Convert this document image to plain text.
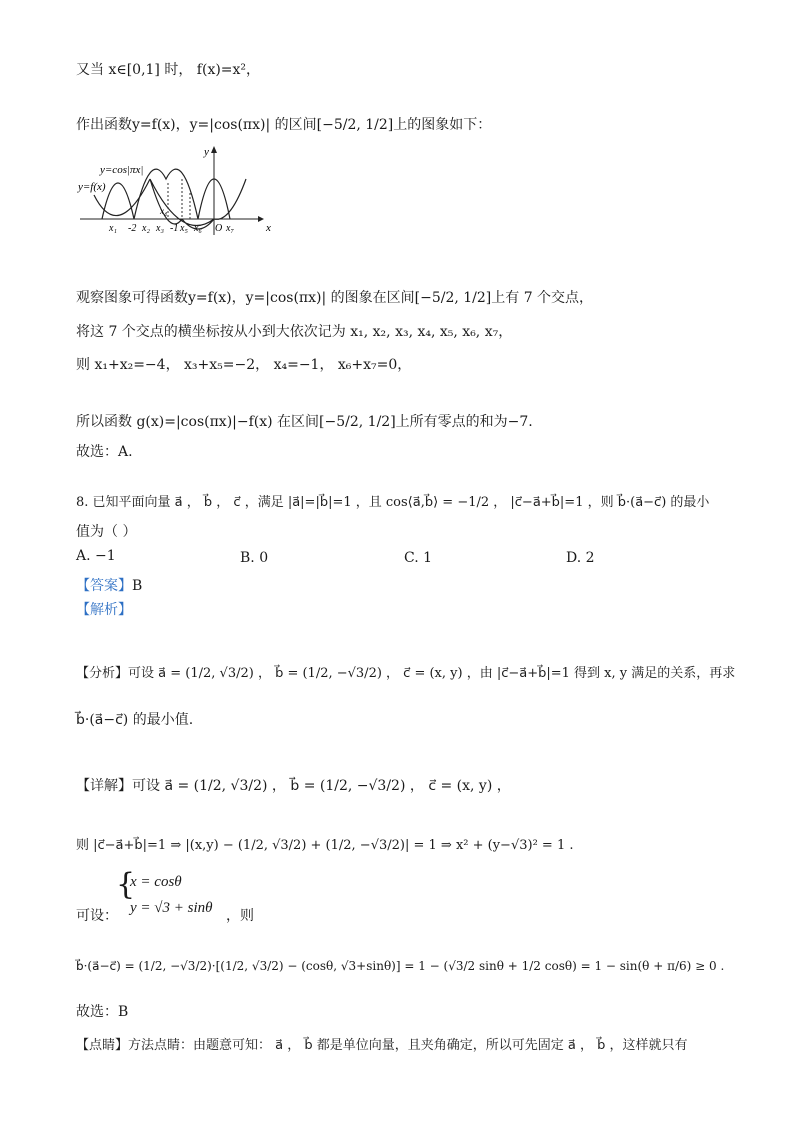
又当 x∈[0,1] 时， f(x)=x²，
作出函数y=f(x)，y=|cos(πx)| 的区间[−5/2, 1/2]上的图象如下：
y
x
y=cos|πx|
y=f(x)
x₄
x₁ -2 x₂ x₃ -1 x₅ x₆ O x₇
观察图象可得函数y=f(x)，y=|cos(πx)| 的图象在区间[−5/2, 1/2]上有 7 个交点，
将这 7 个交点的横坐标按从小到大依次记为 x₁, x₂, x₃, x₄, x₅, x₆, x₇，
则 x₁+x₂=−4， x₃+x₅=−2， x₄=−1， x₆+x₇=0，
所以函数 g(x)=|cos(πx)|−f(x) 在区间[−5/2, 1/2]上所有零点的和为−7.
故选：A.
8. 已知平面向量 a⃗ ， b⃗ ， c⃗ ，满足 |a⃗|=|b⃗|=1 ，且 cos⟨a⃗,b⃗⟩ = −1/2 ， |c⃗−a⃗+b⃗|=1 ，则 b⃗·(a⃗−c⃗) 的最小
值为（ ）
A. −1	B. 0	C. 1	D. 2
【答案】B
【解析】
【分析】可设 a⃗ = (1/2, √3/2) ， b⃗ = (1/2, −√3/2) ， c⃗ = (x, y) ，由 |c⃗−a⃗+b⃗|=1 得到 x, y 满足的关系，再求
b⃗·(a⃗−c⃗) 的最小值.
【详解】可设 a⃗ = (1/2, √3/2) ， b⃗ = (1/2, −√3/2) ， c⃗ = (x, y) ，
则 |c⃗−a⃗+b⃗|=1 ⇒ |(x,y) − (1/2, √3/2) + (1/2, −√3/2)| = 1 ⇒ x² + (y−√3)² = 1 .
可设：
{
x = cosθ
y = √3 + sinθ ，则
b⃗·(a⃗−c⃗) = (1/2, −√3/2)·[(1/2, √3/2) − (cosθ, √3+sinθ)] = 1 − (√3/2 sinθ + 1/2 cosθ) = 1 − sin(θ + π/6) ≥ 0 .
故选：B
【点睛】方法点睛：由题意可知： a⃗ ， b⃗ 都是单位向量，且夹角确定，所以可先固定 a⃗ ， b⃗ ，这样就只有
